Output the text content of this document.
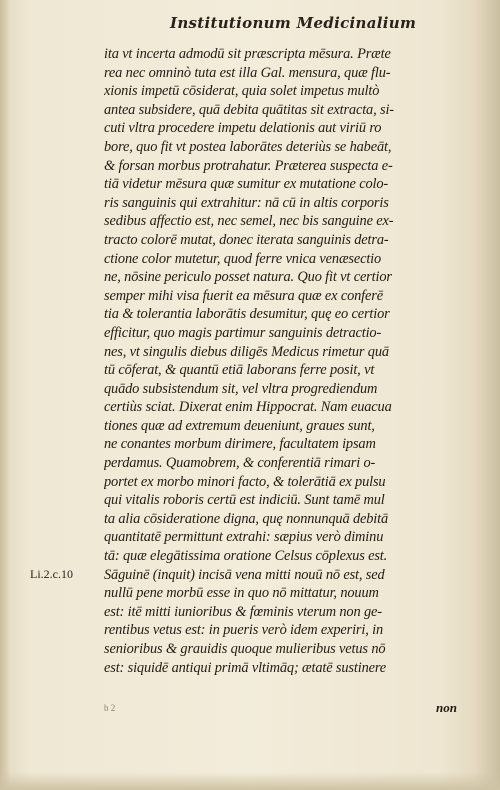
Institutionum Medicinalium
ita vt incerta admodū sit præscripta mēsura. Præte
rea nec omninò tuta est illa Gal. mensura, quæ flu-
xionis impetū cōsiderat, quia solet impetus multò
antea subsidere, quā debita quātitas sit extracta, si-
cuti vltra procedere impetu delationis aut viriū ro
bore, quo fit vt postea laborātes deteriùs se habeāt,
& forsan morbus protrahatur. Præterea suspecta e-
tiā videtur mēsura quæ sumitur ex mutatione colo-
ris sanguinis qui extrahitur: nā cū in altis corporis
sedibus affectio est, nec semel, nec bis sanguine ex-
tracto colorē mutat, donec iterata sanguinis detra-
ctione color mutetur, quod ferre vnica venæsectio
ne, nōsine periculo posset natura. Quo fit vt certior
semper mihi visa fuerit ea mēsura quæ ex conferē
tia & tolerantia laborātis desumitur, quę eo certior
efficitur, quo magis partimur sanguinis detractio-
nes, vt singulis diebus diligēs Medicus rimetur quā
tū cōferat, & quantū etiā laborans ferre posit, vt
quādo subsistendum sit, vel vltra progrediendum
certiùs sciat. Dixerat enim Hippocrat. Nam euacua
tiones quæ ad extremum deueniunt, graues sunt,
ne conantes morbum dirimere, facultatem ipsam
perdamus. Quamobrem, & conferentiā rimari o-
portet ex morbo minori facto, & tolerātiā ex pulsu
qui vitalis roboris certū est indiciū. Sunt tamē mul
ta alia cōsideratione digna, quę nonnunquā debitā
quantitatē permittunt extrahi: sæpius verò diminu
tā: quæ elegātissima oratione Celsus cōplexus est.
Sāguinē (inquit) incisā vena mitti nouū nō est, sed
nullū pene morbū esse in quo nō mittatur, nouum
est: itē mitti iunioribus & fœminis vterum non ge-
rentibus vetus est: in pueris verò idem experiri, in
senioribus & grauidis quoque mulieribus vetus nō
est: siquidē antiqui primā vltimāq; ætatē sustinere
Li.2.c.10
b 2	non
